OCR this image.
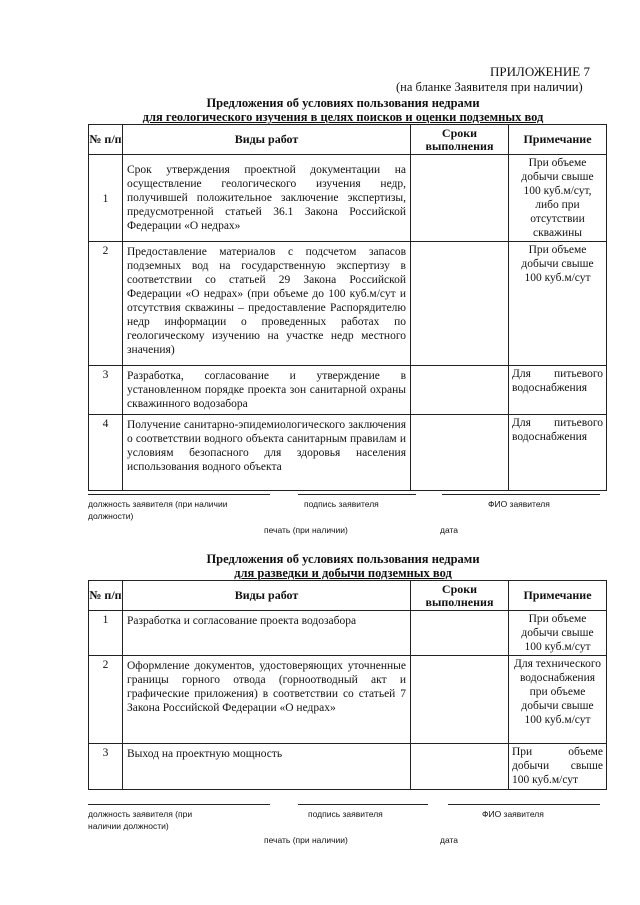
ПРИЛОЖЕНИЕ 7
(на бланке Заявителя при наличии)
Предложения об условиях пользования недрами
для геологического изучения в целях поисков и оценки подземных вод
№ п/п	Виды работ	Сроки выполнения	Примечание
1	Срок утверждения проектной документации на осуществление геологического изучения недр, получившей положительное заключение экспертизы, предусмотренной статьей 36.1 Закона Российской Федерации «О недрах»		При объеме добычи свыше 100 куб.м/сут, либо при отсутствии скважины
2	Предоставление материалов с подсчетом запасов подземных вод на государственную экспертизу в соответствии со статьей 29 Закона Российской Федерации «О недрах» (при объеме до 100 куб.м/сут и отсутствия скважины – предоставление Распорядителю недр информации о проведенных работах по геологическому изучению на участке недр местного значения)		При объеме добычи свыше 100 куб.м/сут
3	Разработка, согласование и утверждение в установленном порядке проекта зон санитарной охраны скважинного водозабора		Для питьевого водоснабжения
4	Получение санитарно-эпидемиологического заключения о соответствии водного объекта санитарным правилам и условиям безопасного для здоровья населения использования водного объекта		Для питьевого водоснабжения
должность заявителя (при наличии должности)
подпись заявителя	ФИО заявителя
печать (при наличии)	дата
Предложения об условиях пользования недрами
для разведки и добычи подземных вод
№ п/п	Виды работ	Сроки выполнения	Примечание
1	Разработка и согласование проекта водозабора		При объеме добычи свыше 100 куб.м/сут
2	Оформление документов, удостоверяющих уточненные границы горного отвода (горноотводный акт и графические приложения) в соответствии со статьей 7 Закона Российской Федерации «О недрах»		Для технического водоснабжения при объеме добычи свыше 100 куб.м/сут
3	Выход на проектную мощность		При объеме добычи свыше 100 куб.м/сут
должность заявителя (при наличии должности)
подпись заявителя	ФИО заявителя
печать (при наличии)	дата
